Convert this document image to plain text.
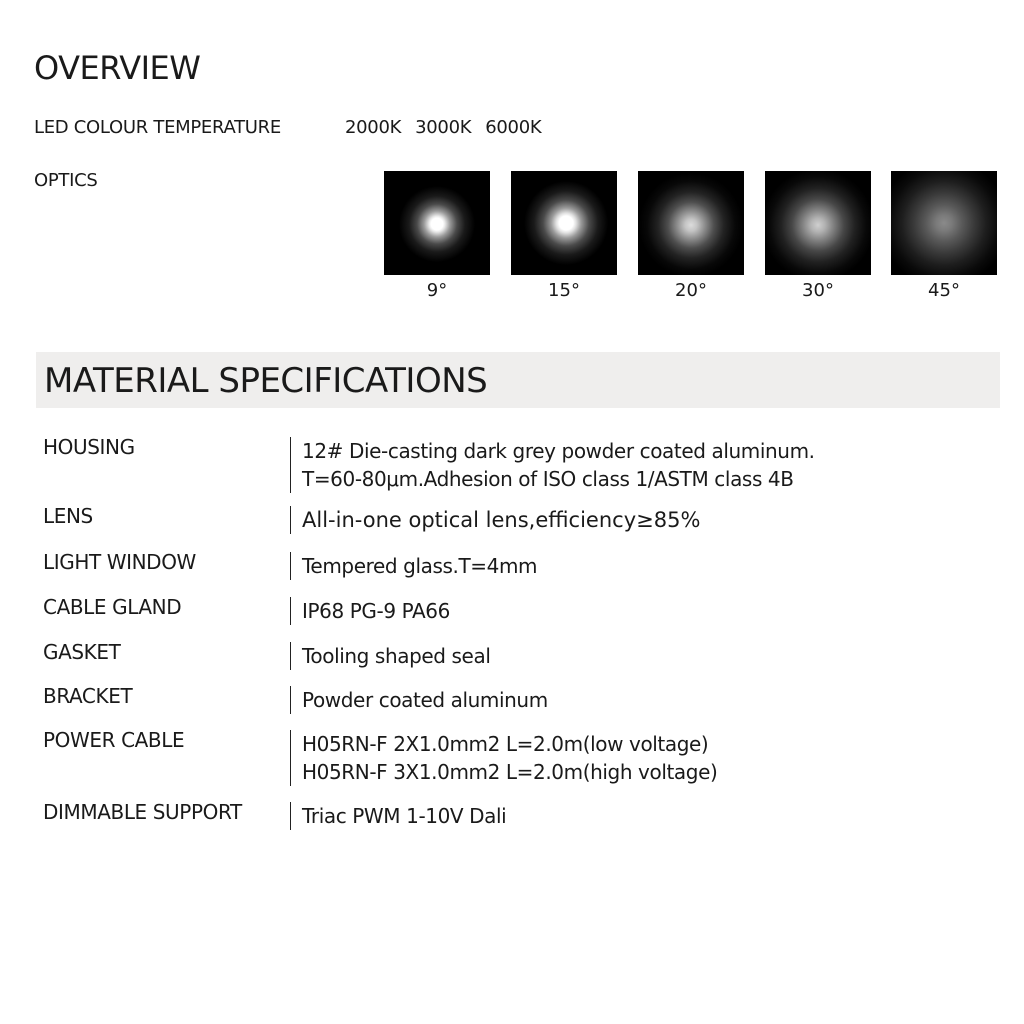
OVERVIEW
LED COLOUR TEMPERATURE	2000K 3000K 6000K
OPTICS
9°	15°	20°	30°	45°
MATERIAL SPECIFICATIONS
HOUSING	12# Die-casting dark grey powder coated aluminum.
T=60-80μm.Adhesion of ISO class 1/ASTM class 4B
LENS	All-in-one optical lens,efficiency≥85%
LIGHT WINDOW	Tempered glass.T=4mm
CABLE GLAND	IP68 PG-9 PA66
GASKET	Tooling shaped seal
BRACKET	Powder coated aluminum
POWER CABLE	H05RN-F 2X1.0mm2 L=2.0m(low voltage)
H05RN-F 3X1.0mm2 L=2.0m(high voltage)
DIMMABLE SUPPORT	Triac PWM 1-10V Dali
